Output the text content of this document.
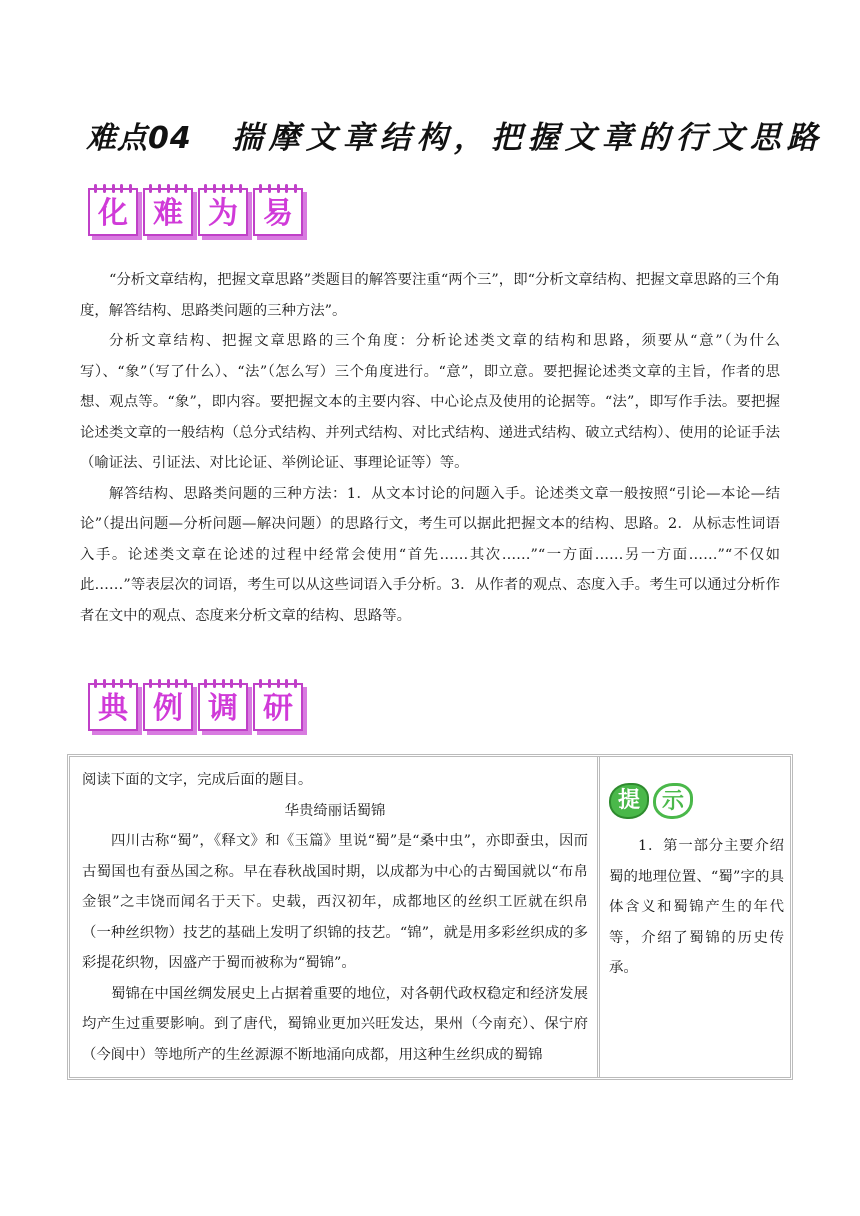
难点04 揣摩文章结构，把握文章的行文思路
化 难 为 易

“分析文章结构，把握文章思路”类题目的解答要注重“两个三”，即“分析文章结构、把握文章思路的三个角度，解答结构、思路类问题的三种方法”。

分析文章结构、把握文章思路的三个角度：分析论述类文章的结构和思路，须要从“意”（为什么写）、“象”（写了什么）、“法”（怎么写）三个角度进行。“意”，即立意。要把握论述类文章的主旨，作者的思想、观点等。“象”，即内容。要把握文本的主要内容、中心论点及使用的论据等。“法”，即写作手法。要把握论述类文章的一般结构（总分式结构、并列式结构、对比式结构、递进式结构、破立式结构）、使用的论证手法（喻证法、引证法、对比论证、举例论证、事理论证等）等。

解答结构、思路类问题的三种方法：1．从文本讨论的问题入手。论述类文章一般按照“引论—本论—结论”（提出问题—分析问题—解决问题）的思路行文，考生可以据此把握文本的结构、思路。2．从标志性词语入手。论述类文章在论述的过程中经常会使用“首先……其次……”“一方面……另一方面……”“不仅如此……”等表层次的词语，考生可以从这些词语入手分析。3．从作者的观点、态度入手。考生可以通过分析作者在文中的观点、态度来分析文章的结构、思路等。

典 例 调 研

阅读下面的文字，完成后面的题目。

华贵绮丽话蜀锦

四川古称“蜀”，《释文》和《玉篇》里说“蜀”是“桑中虫”，亦即蚕虫，因而古蜀国也有蚕丛国之称。早在春秋战国时期，以成都为中心的古蜀国就以“布帛金银”之丰饶而闻名于天下。史载，西汉初年，成都地区的丝织工匠就在织帛（一种丝织物）技艺的基础上发明了织锦的技艺。“锦”，就是用多彩丝织成的多彩提花织物，因盛产于蜀而被称为“蜀锦”。

蜀锦在中国丝绸发展史上占据着重要的地位，对各朝代政权稳定和经济发展均产生过重要影响。到了唐代，蜀锦业更加兴旺发达，果州（今南充）、保宁府（今阆中）等地所产的生丝源源不断地涌向成都，用这种生丝织成的蜀锦

提 示

1．第一部分主要介绍蜀的地理位置、“蜀”字的具体含义和蜀锦产生的年代等，介绍了蜀锦的历史传承。
